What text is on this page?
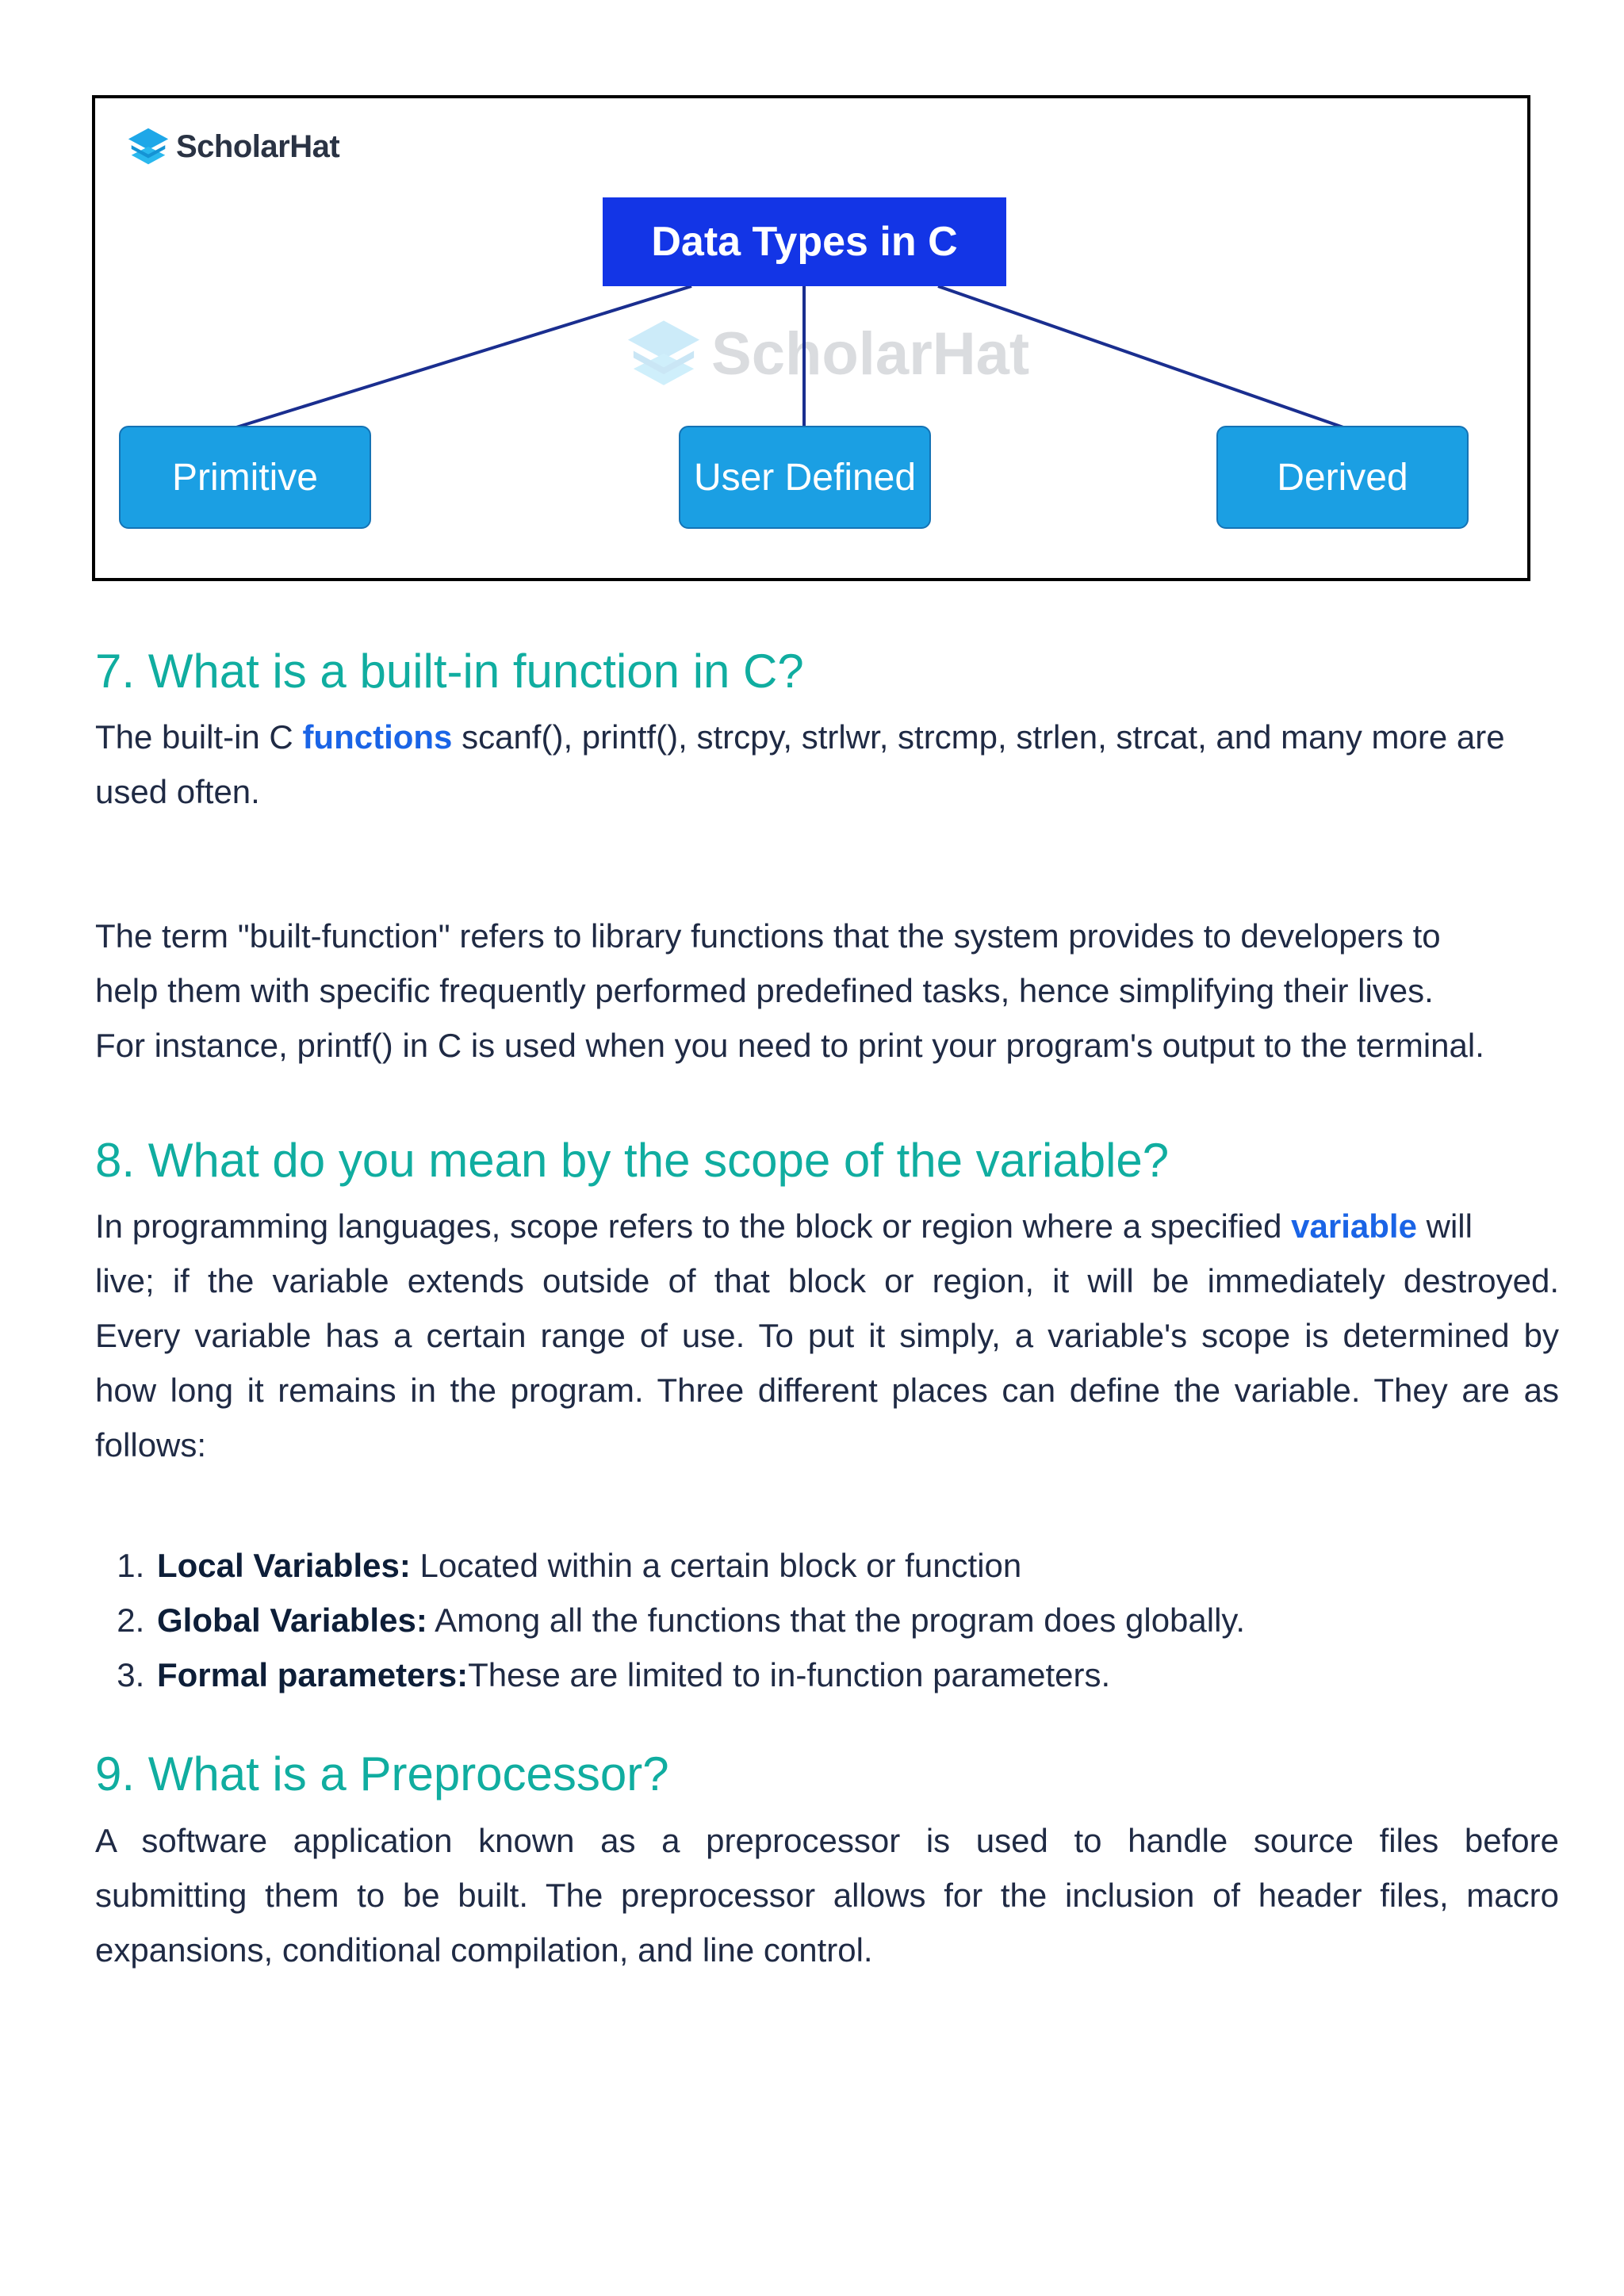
ScholarHat
ScholarHat
Data Types in C
Primitive	User Defined	Derived
7. What is a built-in function in C?

The built-in C functions scanf(), printf(), strcpy, strlwr, strcmp, strlen, strcat, and many more are
used often.

The term "built-function" refers to library functions that the system provides to developers to
help them with specific frequently performed predefined tasks, hence simplifying their lives.
For instance, printf() in C is used when you need to print your program's output to the terminal.

8. What do you mean by the scope of the variable?

In programming languages, scope refers to the block or region where a specified variable will
live; if the variable extends outside of that block or region, it will be immediately destroyed.
Every variable has a certain range of use. To put it simply, a variable's scope is determined by
how long it remains in the program. Three different places can define the variable. They are as
follows:

1. Local Variables: Located within a certain block or function
2. Global Variables: Among all the functions that the program does globally.
3. Formal parameters:These are limited to in-function parameters.
9. What is a Preprocessor?

A software application known as a preprocessor is used to handle source files before
submitting them to be built. The preprocessor allows for the inclusion of header files, macro
expansions, conditional compilation, and line control.
